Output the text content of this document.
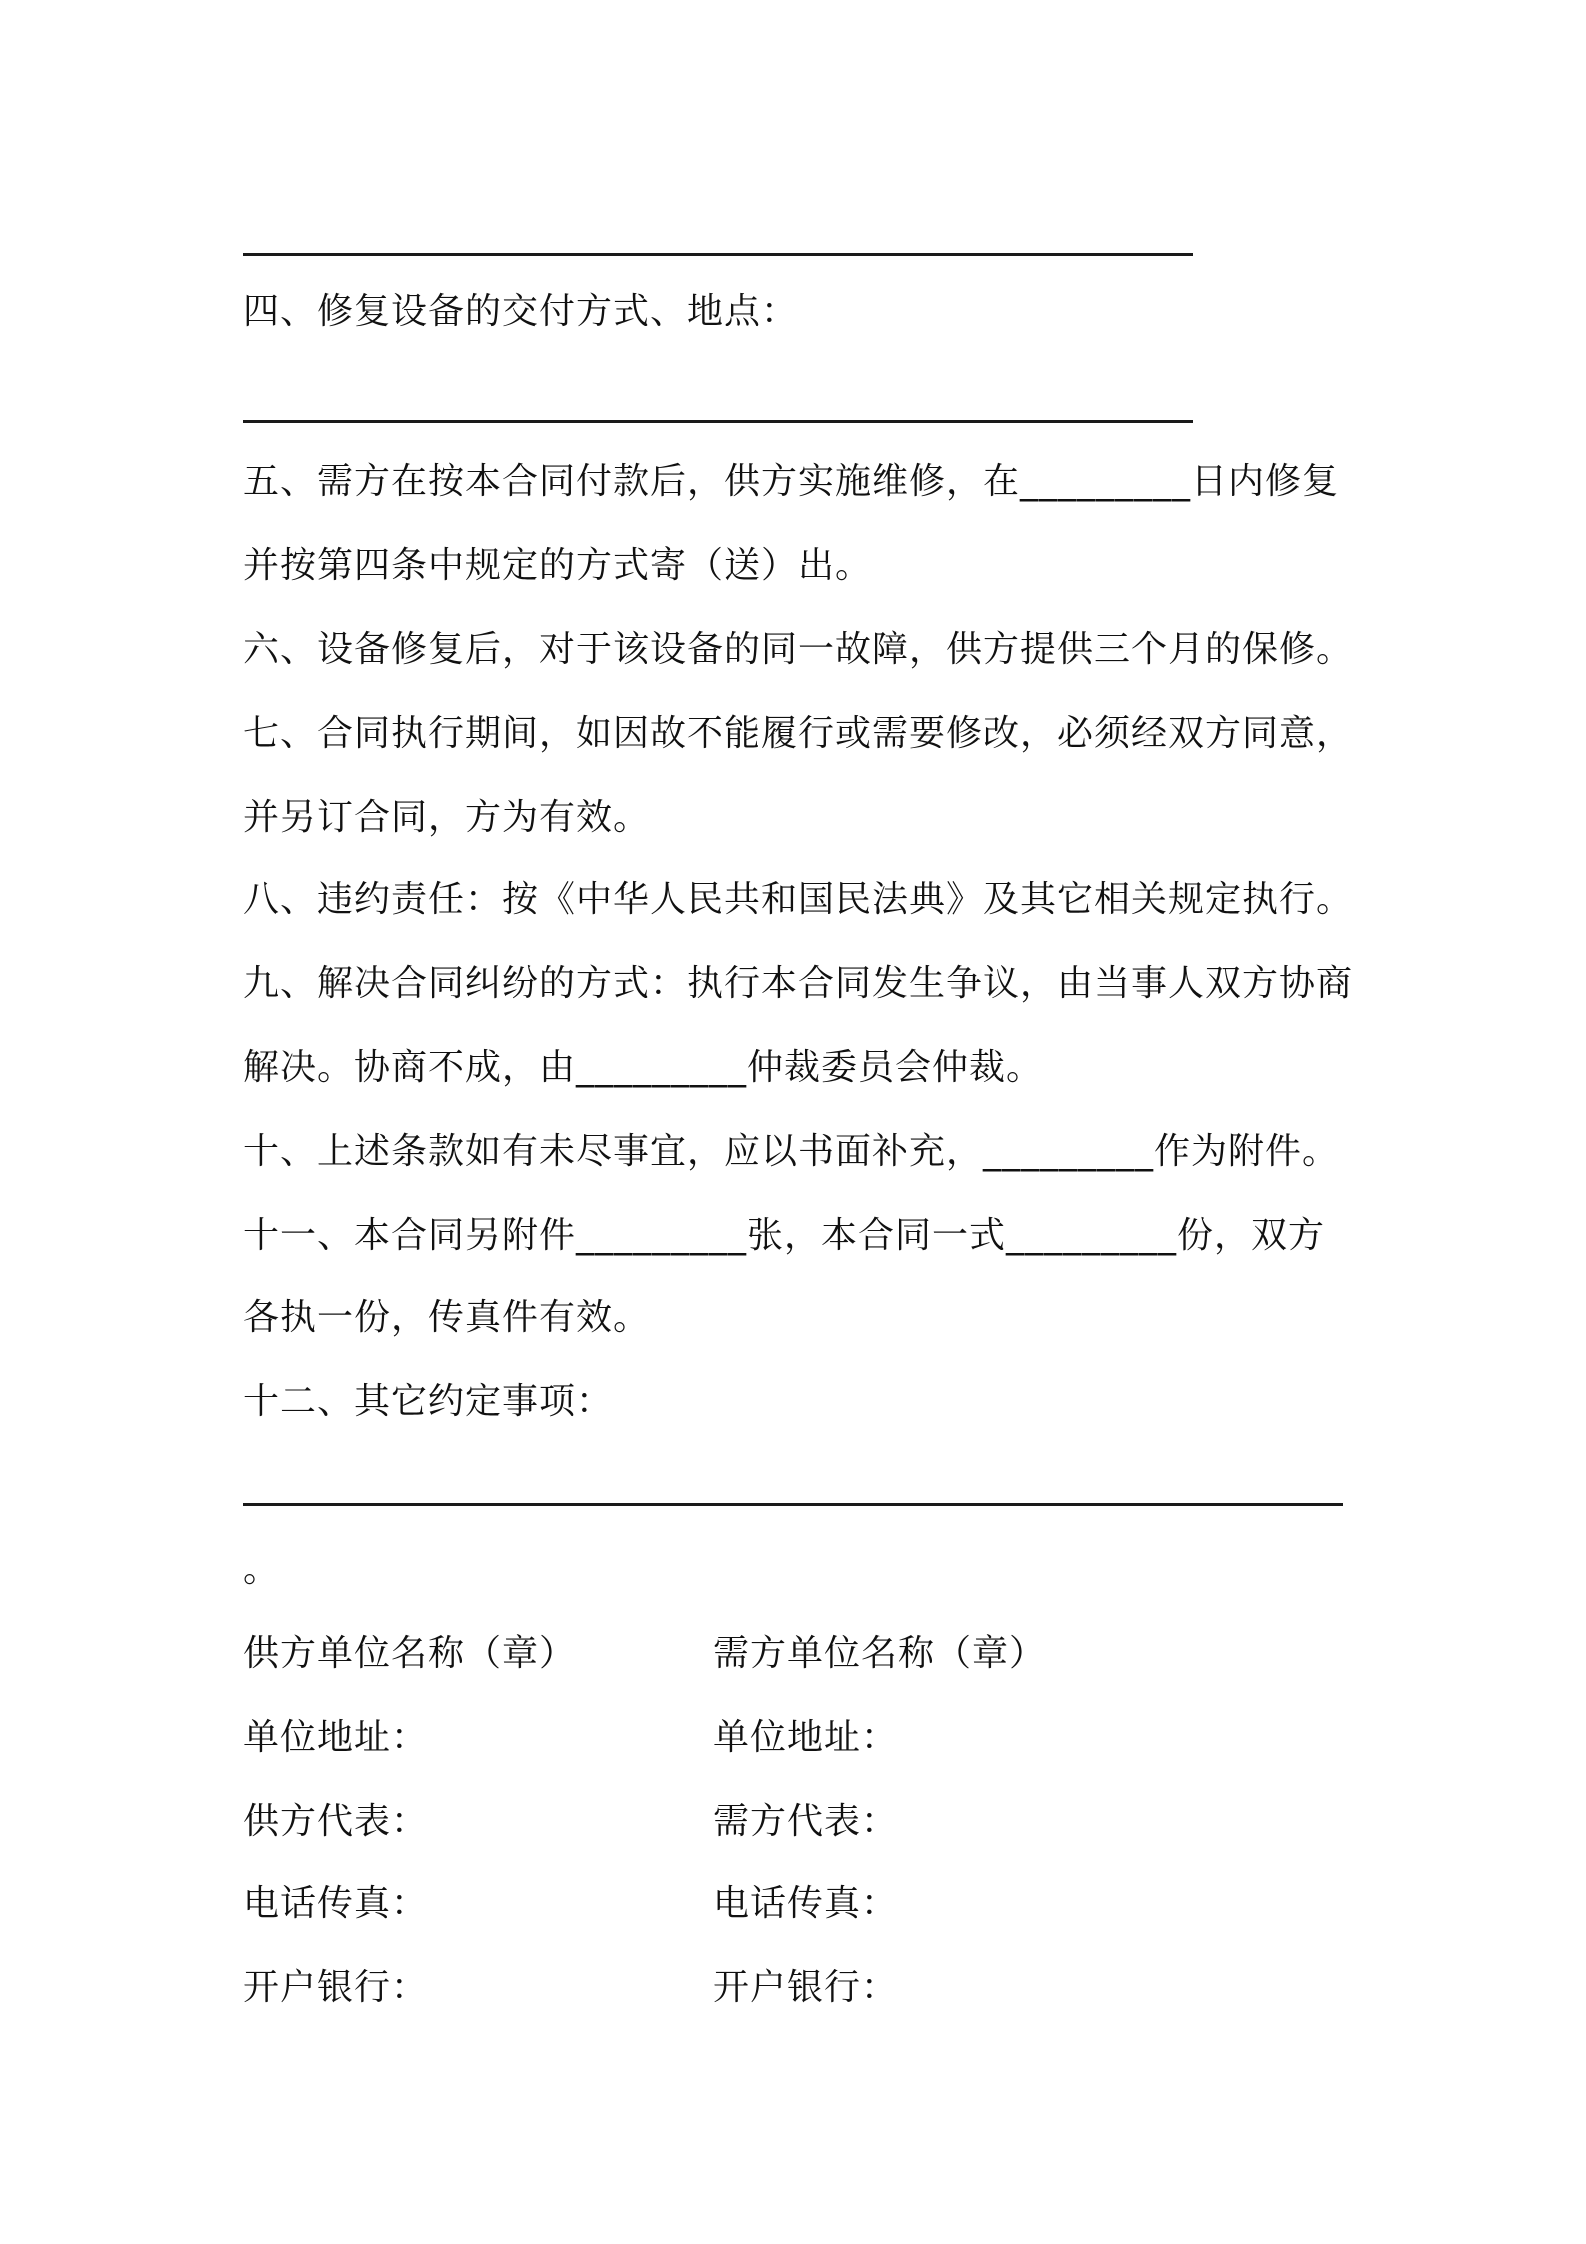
四、修复设备的交付方式、地点：
五、需方在按本合同付款后，供方实施维修，在_________日内修复
并按第四条中规定的方式寄（送）出。
六、设备修复后，对于该设备的同一故障，供方提供三个月的保修。
七、合同执行期间，如因故不能履行或需要修改，必须经双方同意，
并另订合同，方为有效。
八、违约责任：按《中华人民共和国民法典》及其它相关规定执行。
九、解决合同纠纷的方式：执行本合同发生争议，由当事人双方协商
解决。协商不成，由_________仲裁委员会仲裁。
十、上述条款如有未尽事宜，应以书面补充，_________作为附件。
十一、本合同另附件_________张，本合同一式_________份，双方
各执一份，传真件有效。
十二、其它约定事项：
。
供方单位名称（章）	需方单位名称（章）
单位地址：	单位地址：
供方代表：	需方代表：
电话传真：	电话传真：
开户银行：	开户银行：
